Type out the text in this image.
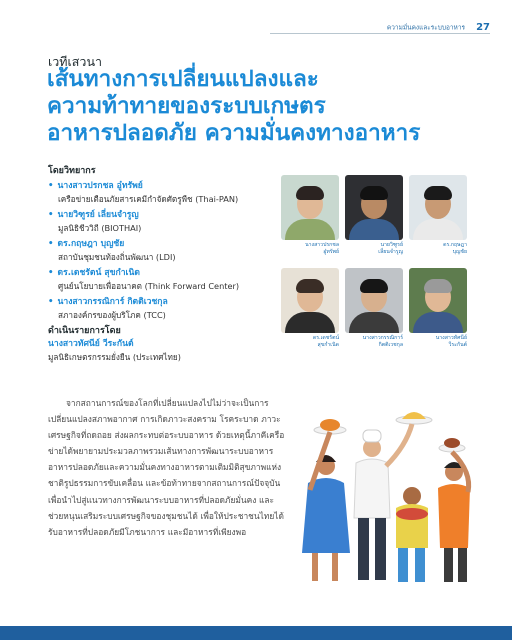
ความมั่นคงและระบบอาหาร 27
เวทีเสวนา
เส้นทางการเปลี่ยนแปลงและ
ความท้าทายของระบบเกษตร
อาหารปลอดภัย ความมั่นคงทางอาหาร
โดยวิทยากร
• นางสาวปรกชล อู๋ทรัพย์
เครือข่ายเตือนภัยสารเคมีกำจัดศัตรูพืช (Thai-PAN)
• นายวิฑูรย์ เลี่ยนจำรูญ
มูลนิธิชีววิถี (BIOTHAI)
• ดร.กฤษฎา บุญชัย
สถาบันชุมชนท้องถิ่นพัฒนา (LDI)
• ดร.เดชรัตน์ สุขกำเนิด
ศูนย์นโยบายเพื่ออนาคต (Think Forward Center)
• นางสาวกรรณิการ์ กิตติเวชกุล
สภาองค์กรของผู้บริโภค (TCC)
ดำเนินรายการโดย
นางสาวทัศนีย์ วีระกันต์
มูลนิธิเกษตรกรรมยั่งยืน (ประเทศไทย)
นางสาวปรกชล
อู๋ทรัพย์
นายวิฑูรย์
เลี่ยนจำรูญ
ดร.กฤษฎา
บุญชัย
ดร.เดชรัตน์
สุขกำเนิด
นางสาวกรรณิการ์
กิตติเวชกุล
นางสาวทัศนีย์
วีระกันต์
จากสถานการณ์ของโลกที่เปลี่ยนแปลงไปไม่ว่าจะเป็นการเปลี่ยนแปลงสภาพอากาศ การเกิดภาวะสงคราม โรคระบาด ภาวะเศรษฐกิจที่ถดถอย ส่งผลกระทบต่อระบบอาหาร ด้วยเหตุนี้ภาคีเครือข่ายได้พยายามประมวลภาพรวมเส้นทางการพัฒนาระบบอาหาร อาหารปลอดภัยและความมั่นคงทางอาหารตามเติมมิติสุขภาพแห่งชาติรูปธรรมการขับเคลื่อน และข้อท้าทายจากสถานการณ์ปัจจุบันเพื่อนำไปสู่แนวทางการพัฒนาระบบอาหารที่ปลอดภัยมั่นคง และช่วยหนุนเสริมระบบเศรษฐกิจของชุมชนได้ เพื่อให้ประชาชนไทยได้รับอาหารที่ปลอดภัยมีโภชนาการ และมีอาหารที่เพียงพอ
